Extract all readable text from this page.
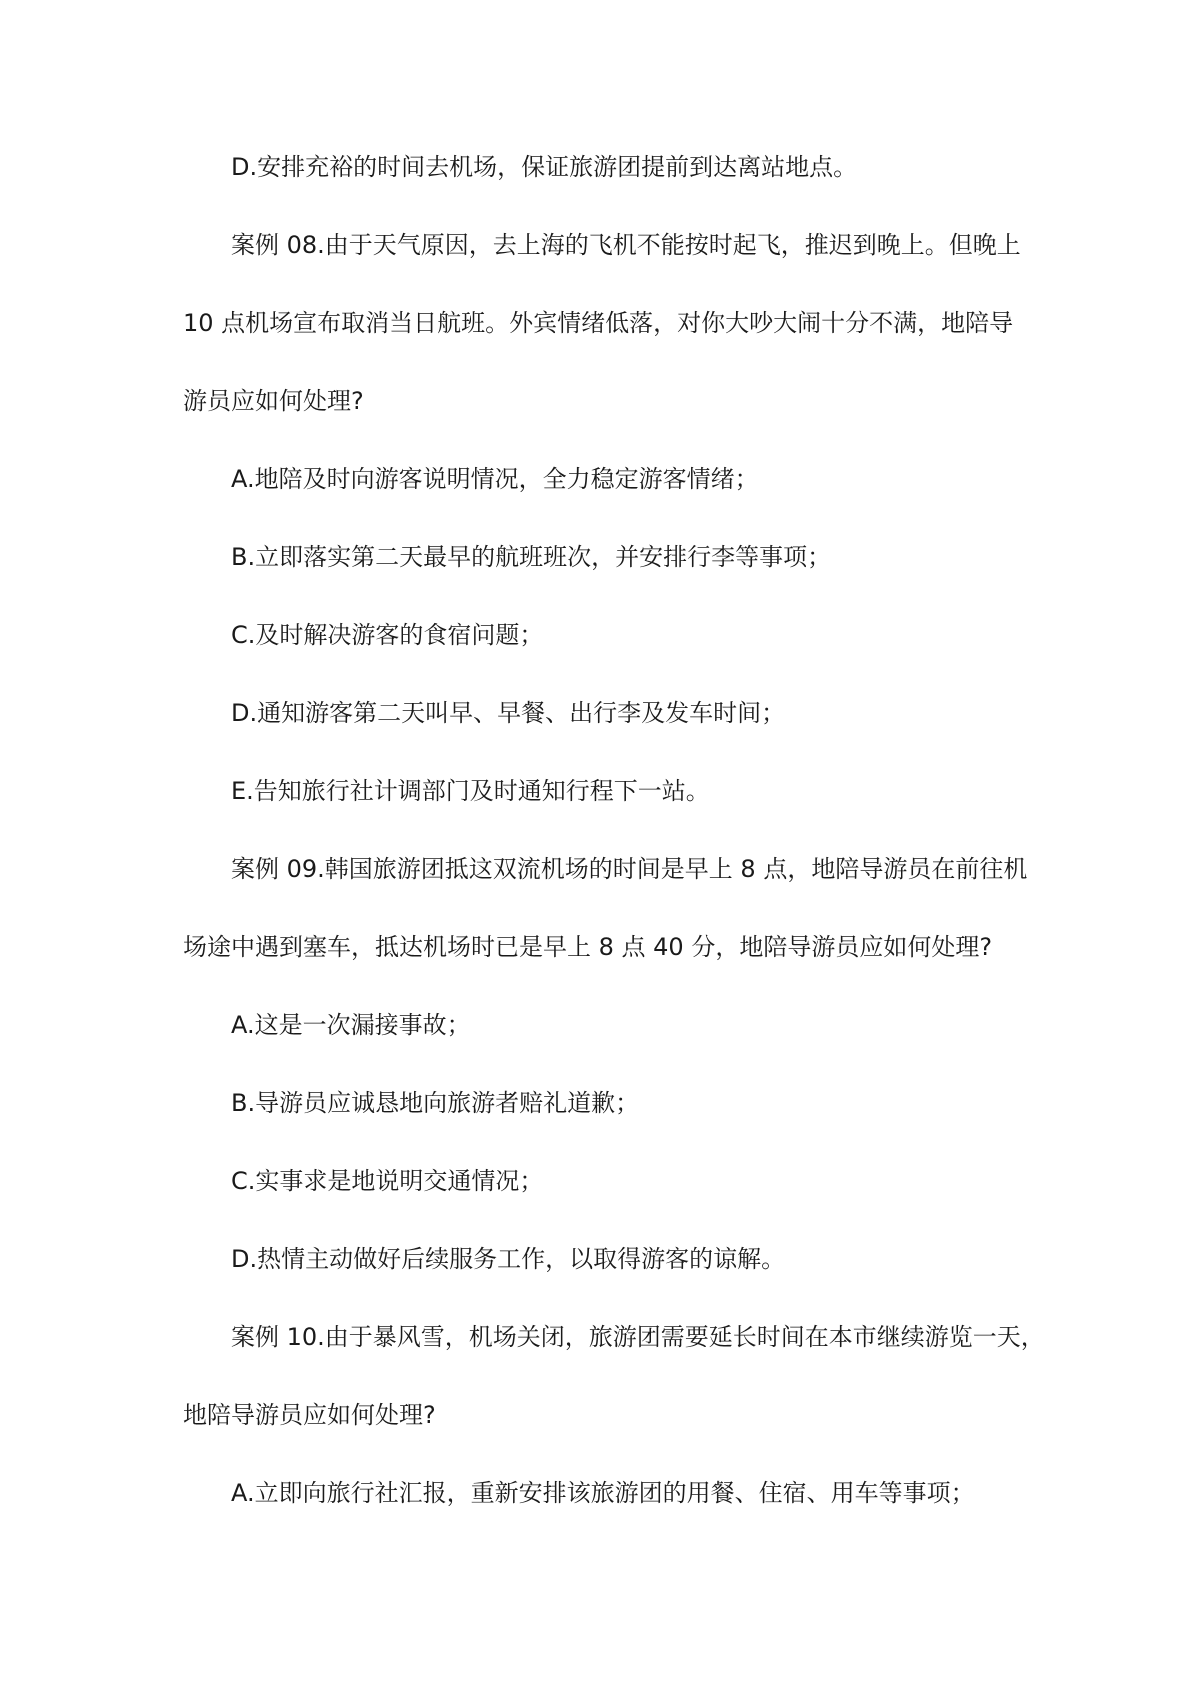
D.安排充裕的时间去机场，保证旅游团提前到达离站地点。
案例 08.由于天气原因，去上海的飞机不能按时起飞，推迟到晚上。但晚上
10 点机场宣布取消当日航班。外宾情绪低落，对你大吵大闹十分不满，地陪导
游员应如何处理?
A.地陪及时向游客说明情况，全力稳定游客情绪；
B.立即落实第二天最早的航班班次，并安排行李等事项；
C.及时解决游客的食宿问题；
D.通知游客第二天叫早、早餐、出行李及发车时间；
E.告知旅行社计调部门及时通知行程下一站。
案例 09.韩国旅游团抵这双流机场的时间是早上 8 点，地陪导游员在前往机
场途中遇到塞车，抵达机场时已是早上 8 点 40 分，地陪导游员应如何处理?
A.这是一次漏接事故；
B.导游员应诚恳地向旅游者赔礼道歉；
C.实事求是地说明交通情况；
D.热情主动做好后续服务工作，以取得游客的谅解。
案例 10.由于暴风雪，机场关闭，旅游团需要延长时间在本市继续游览一天，
地陪导游员应如何处理?
A.立即向旅行社汇报，重新安排该旅游团的用餐、住宿、用车等事项；
